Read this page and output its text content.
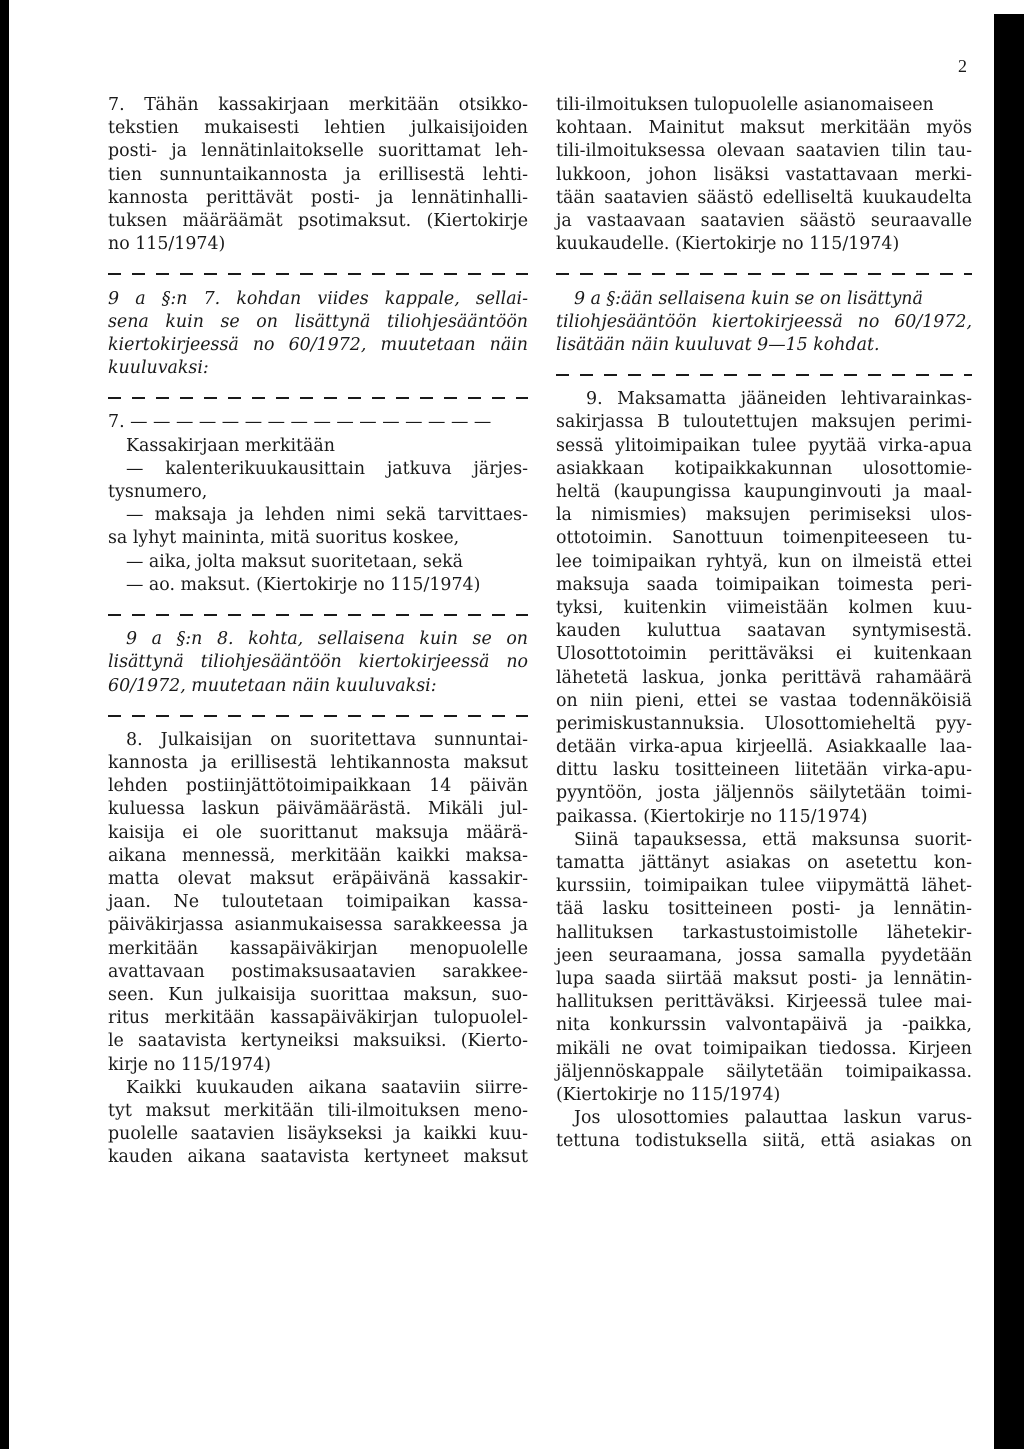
2
7. Tähän kassakirjaan merkitään otsikko-
tekstien mukaisesti lehtien julkaisijoiden
posti- ja lennätinlaitokselle suorittamat leh-
tien sunnuntaikannosta ja erillisestä lehti-
kannosta perittävät posti- ja lennätinhalli-
tuksen määräämät psotimaksut. (Kiertokirje
no 115/1974)
9 a §:n 7. kohdan viides kappale, sellai-
sena kuin se on lisättynä tiliohjesääntöön
kiertokirjeessä no 60/1972, muutetaan näin
kuuluvaksi:
7. — — — — — — — — — — — — — — — —
Kassakirjaan merkitään
— kalenterikuukausittain jatkuva järjes-
tysnumero,
— maksaja ja lehden nimi sekä tarvittaes-
sa lyhyt maininta, mitä suoritus koskee,
— aika, jolta maksut suoritetaan, sekä
— ao. maksut. (Kiertokirje no 115/1974)
9 a §:n 8. kohta, sellaisena kuin se on
lisättynä tiliohjesääntöön kiertokirjeessä no
60/1972, muutetaan näin kuuluvaksi:
8. Julkaisijan on suoritettava sunnuntai-
kannosta ja erillisestä lehtikannosta maksut
lehden postiinjättötoimipaikkaan 14 päivän
kuluessa laskun päivämäärästä. Mikäli jul-
kaisija ei ole suorittanut maksuja määrä-
aikana mennessä, merkitään kaikki maksa-
matta olevat maksut eräpäivänä kassakir-
jaan. Ne tuloutetaan toimipaikan kassa-
päiväkirjassa asianmukaisessa sarakkeessa ja
merkitään kassapäiväkirjan menopuolelle
avattavaan postimaksusaatavien sarakkee-
seen. Kun julkaisija suorittaa maksun, suo-
ritus merkitään kassapäiväkirjan tulopuolel-
le saatavista kertyneiksi maksuiksi. (Kierto-
kirje no 115/1974)
Kaikki kuukauden aikana saataviin siirre-
tyt maksut merkitään tili-ilmoituksen meno-
puolelle saatavien lisäykseksi ja kaikki kuu-
kauden aikana saatavista kertyneet maksut
tili-ilmoituksen tulopuolelle asianomaiseen
kohtaan. Mainitut maksut merkitään myös
tili-ilmoituksessa olevaan saatavien tilin tau-
lukkoon, johon lisäksi vastattavaan merki-
tään saatavien säästö edelliseltä kuukaudelta
ja vastaavaan saatavien säästö seuraavalle
kuukaudelle. (Kiertokirje no 115/1974)
9 a §:ään sellaisena kuin se on lisättynä
tiliohjesääntöön kiertokirjeessä no 60/1972,
lisätään näin kuuluvat 9—15 kohdat.
9. Maksamatta jääneiden lehtivarainkas-
sakirjassa B tuloutettujen maksujen perimi-
sessä ylitoimipaikan tulee pyytää virka-apua
asiakkaan kotipaikkakunnan ulosottomie-
heltä (kaupungissa kaupunginvouti ja maal-
la nimismies) maksujen perimiseksi ulos-
ottotoimin. Sanottuun toimenpiteeseen tu-
lee toimipaikan ryhtyä, kun on ilmeistä ettei
maksuja saada toimipaikan toimesta peri-
tyksi, kuitenkin viimeistään kolmen kuu-
kauden kuluttua saatavan syntymisestä.
Ulosottotoimin perittäväksi ei kuitenkaan
lähetetä laskua, jonka perittävä rahamäärä
on niin pieni, ettei se vastaa todennäköisiä
perimiskustannuksia. Ulosottomieheltä pyy-
detään virka-apua kirjeellä. Asiakkaalle laa-
dittu lasku tositteineen liitetään virka-apu-
pyyntöön, josta jäljennös säilytetään toimi-
paikassa. (Kiertokirje no 115/1974)
Siinä tapauksessa, että maksunsa suorit-
tamatta jättänyt asiakas on asetettu kon-
kurssiin, toimipaikan tulee viipymättä lähet-
tää lasku tositteineen posti- ja lennätin-
hallituksen tarkastustoimistolle lähetekir-
jeen seuraamana, jossa samalla pyydetään
lupa saada siirtää maksut posti- ja lennätin-
hallituksen perittäväksi. Kirjeessä tulee mai-
nita konkurssin valvontapäivä ja -paikka,
mikäli ne ovat toimipaikan tiedossa. Kirjeen
jäljennöskappale säilytetään toimipaikassa.
(Kiertokirje no 115/1974)
Jos ulosottomies palauttaa laskun varus-
tettuna todistuksella siitä, että asiakas on
